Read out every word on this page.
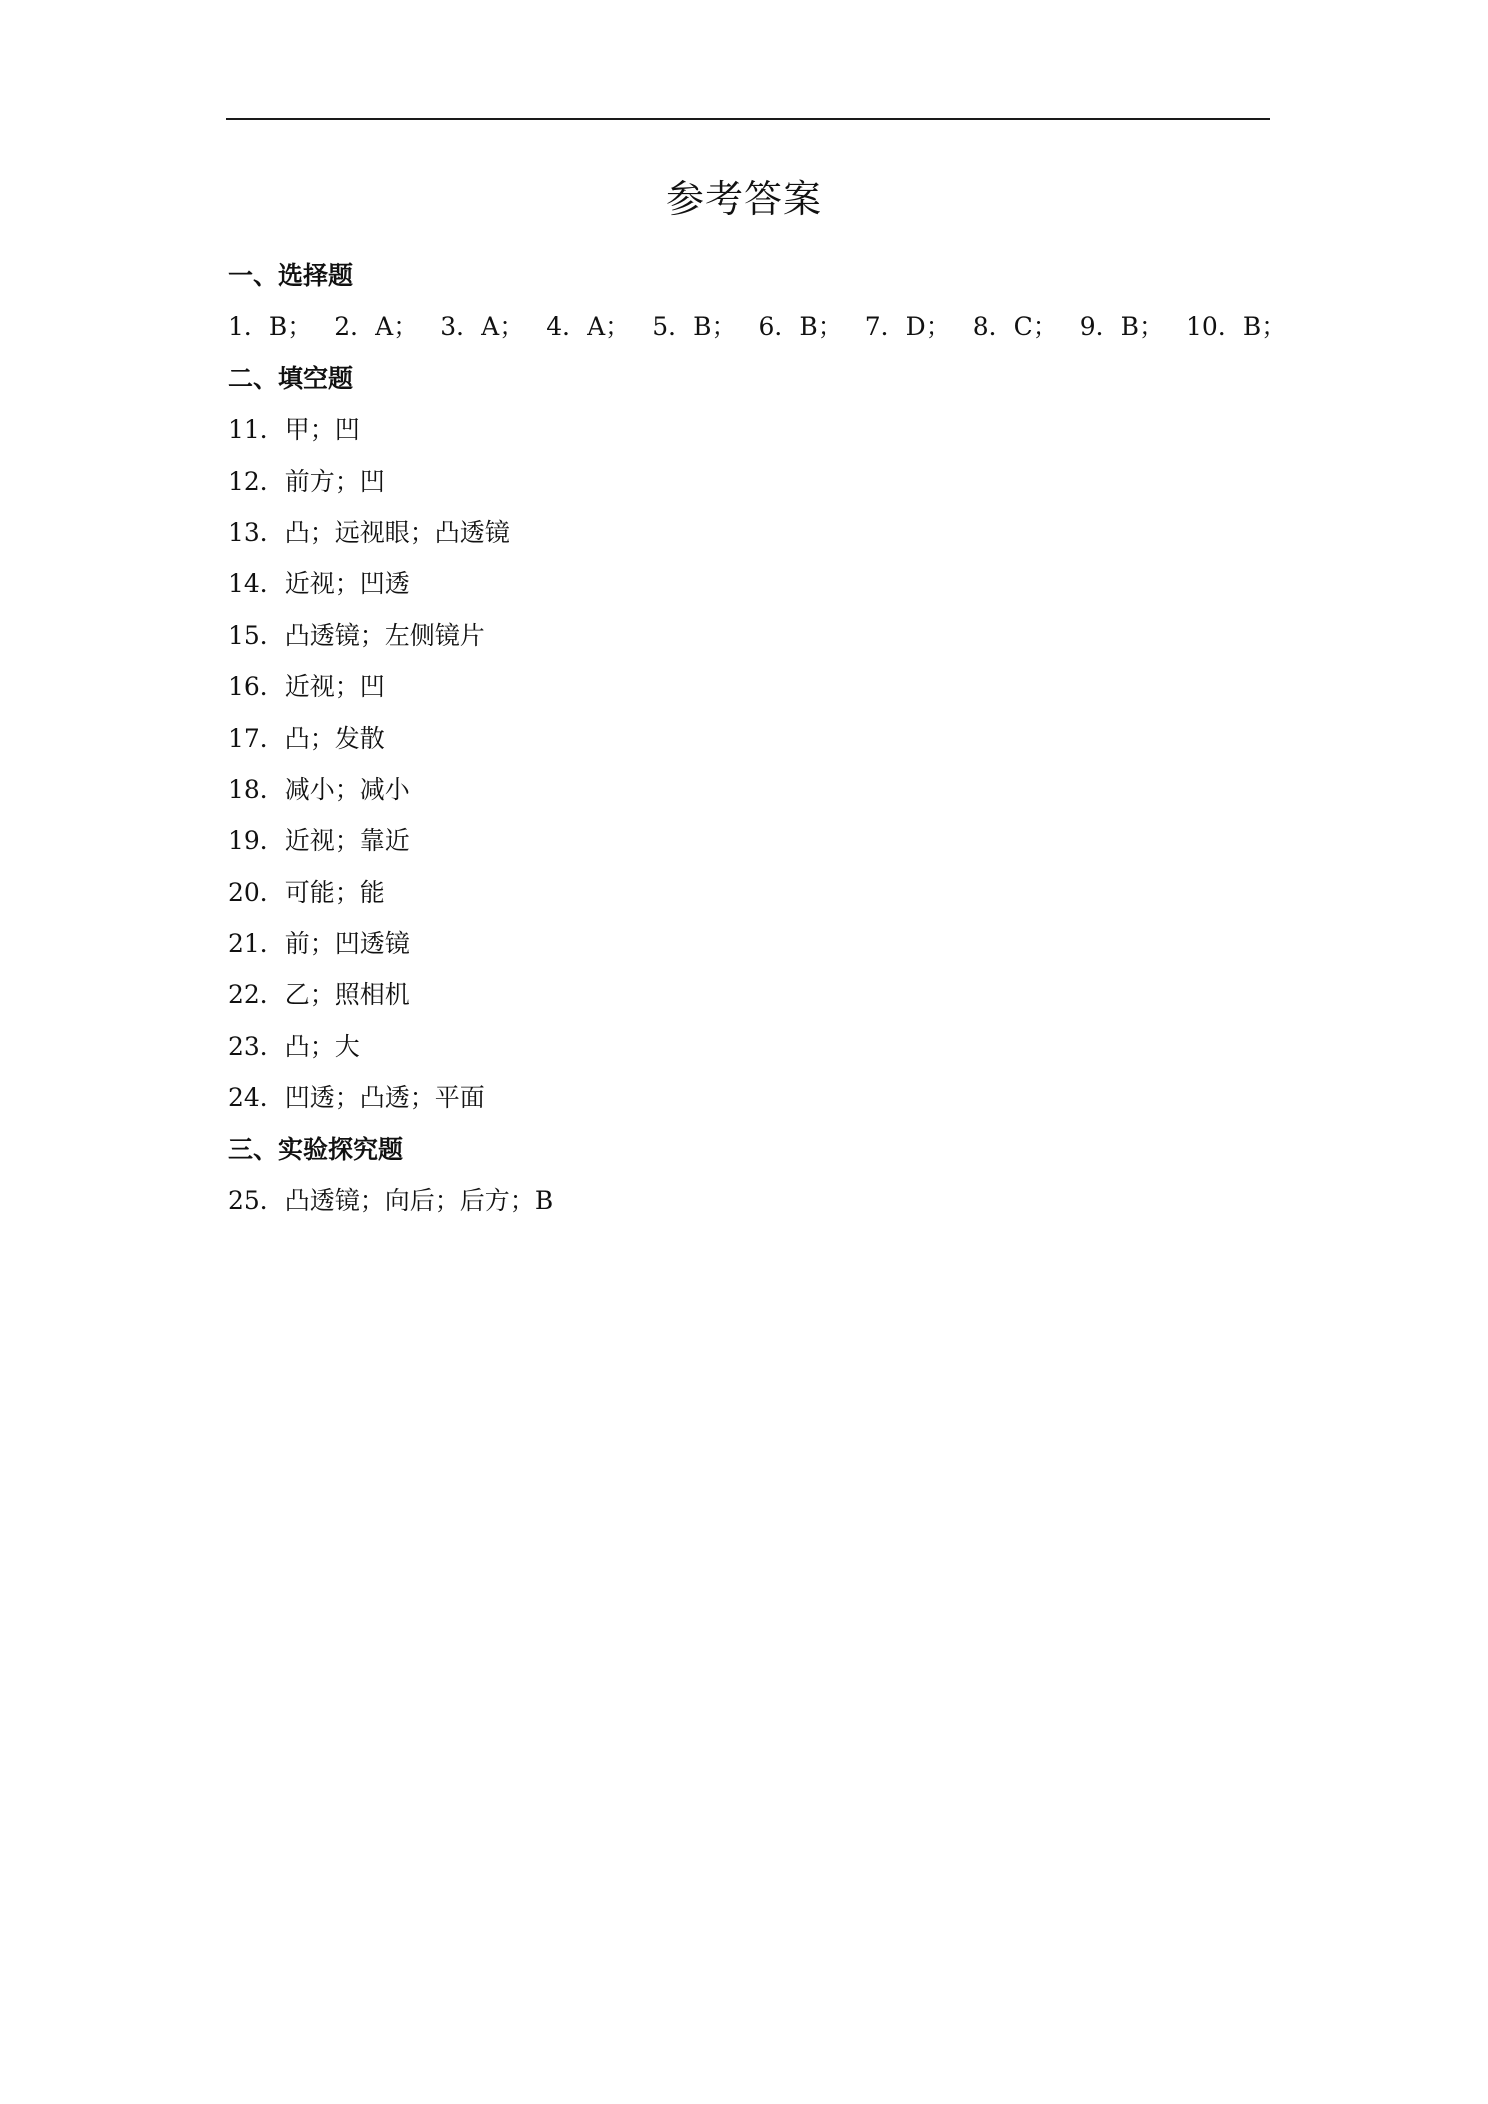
参考答案
一、选择题
1．B； 2．A； 3．A； 4．A； 5．B； 6．B； 7．D； 8．C； 9．B； 10．B；
二、填空题
11．甲；凹
12．前方；凹
13．凸；远视眼；凸透镜
14．近视；凹透
15．凸透镜；左侧镜片
16．近视；凹
17．凸；发散
18．减小；减小
19．近视；靠近
20．可能；能
21．前；凹透镜
22．乙；照相机
23．凸；大
24．凹透；凸透；平面
三、实验探究题
25．凸透镜；向后；后方；B
